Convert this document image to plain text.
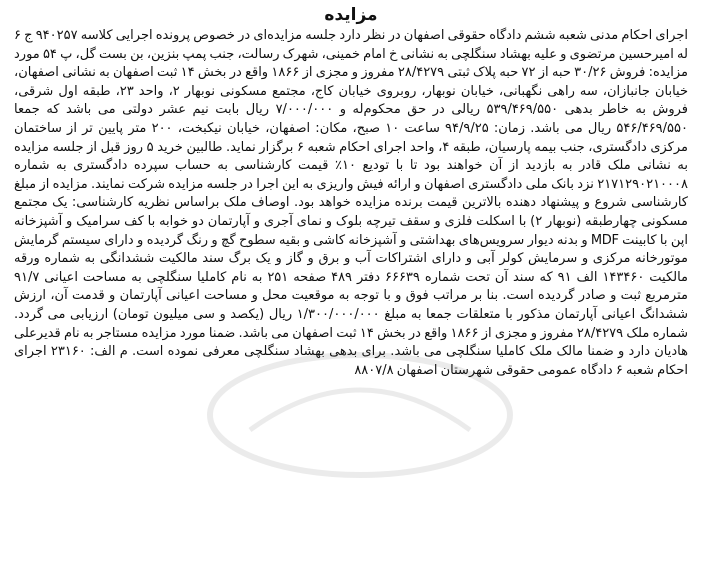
مزایده

اجرای احکام مدنی شعبه ششم دادگاه حقوقی اصفهان در نظر دارد جلسه مزایده‌ای در خصوص پرونده اجرایی کلاسه ۹۴۰۲۵۷ ج ۶ له امیرحسین مرتضوی و علیه بهشاد سنگلچی به نشانی خ امام خمینی، شهرک رسالت، جنب پمپ بنزین، بن بست گل، پ ۵۴ مورد مزایده: فروش ۳۰/۲۶ حبه از ۷۲ حبه پلاک ثبتی ۲۸/۴۲۷۹ مفروز و مجزی از ۱۸۶۶ واقع در بخش ۱۴ ثبت اصفهان به نشانی اصفهان، خیابان جانبازان، سه راهی نگهبانی، خیابان نوبهار، روبروی خیابان کاج، مجتمع مسکونی نوبهار ۲، واحد ۲۳، طبقه اول شرقی، فروش به خاطر بدهی ۵۳۹/۴۶۹/۵۵۰ ریالی در حق محکوم‌له و ۷/۰۰۰/۰۰۰ ریال بابت نیم عشر دولتی می باشد که جمعا ۵۴۶/۴۶۹/۵۵۰ ریال می باشد. زمان: ۹۴/۹/۲۵ ساعت ۱۰ صبح، مکان: اصفهان، خیابان نیکبخت، ۲۰۰ متر پایین تر از ساختمان مرکزی دادگستری، جنب بیمه پارسیان، طبقه ۴، واحد اجرای احکام شعبه ۶ برگزار نماید. طالبین خرید ۵ روز قبل از جلسه مزایده به نشانی ملک قادر به بازدید از آن خواهند بود تا با تودیع ۱۰٪ قیمت کارشناسی به حساب سپرده دادگستری به شماره ۲۱۷۱۲۹۰۲۱۰۰۰۸ نزد بانک ملی دادگستری اصفهان و ارائه فیش واریزی به این اجرا در جلسه مزایده شرکت نمایند. مزایده از مبلغ کارشناسی شروع و پیشنهاد دهنده بالاترین قیمت برنده مزایده خواهد بود. اوصاف ملک براساس نظریه کارشناسی: یک مجتمع مسکونی چهارطبقه (نوبهار ۲) با اسکلت فلزی و سقف تیرچه بلوک و نمای آجری و آپارتمان دو خوابه با کف سرامیک و آشپزخانه اپن با کابینت MDF و بدنه دیوار سرویس‌های بهداشتی و آشپزخانه کاشی و بقیه سطوح گچ و رنگ گردیده و دارای سیستم گرمایش موتورخانه مرکزی و سرمایش کولر آبی و دارای اشتراکات آب و برق و گاز و یک برگ سند مالکیت ششدانگی به شماره ورقه مالکیت ۱۴۳۴۶۰ الف ۹۱ که سند آن تحت شماره ۶۶۶۳۹ دفتر ۴۸۹ صفحه ۲۵۱ به نام کاملیا سنگلچی به مساحت اعیانی ۹۱/۷ مترمربع ثبت و صادر گردیده است. بنا بر مراتب فوق و با توجه به موقعیت محل و مساحت اعیانی آپارتمان و قدمت آن، ارزش ششدانگ اعیانی آپارتمان مذکور با متعلقات جمعا به مبلغ ۱/۳۰۰/۰۰۰/۰۰۰ ریال (یکصد و سی میلیون تومان) ارزیابی می گردد. شماره ملک ۲۸/۴۲۷۹ مفروز و مجزی از ۱۸۶۶ واقع در بخش ۱۴ ثبت اصفهان می باشد. ضمنا مورد مزایده مستاجر به نام قدیرعلی هادیان دارد و ضمنا مالک ملک کاملیا سنگلچی می باشد. برای بدهی بهشاد سنگلچی معرفی نموده است. م الف: ۲۳۱۶۰ اجرای احکام شعبه ۶ دادگاه عمومی حقوقی شهرستان اصفهان ۸۸۰۷/۸
